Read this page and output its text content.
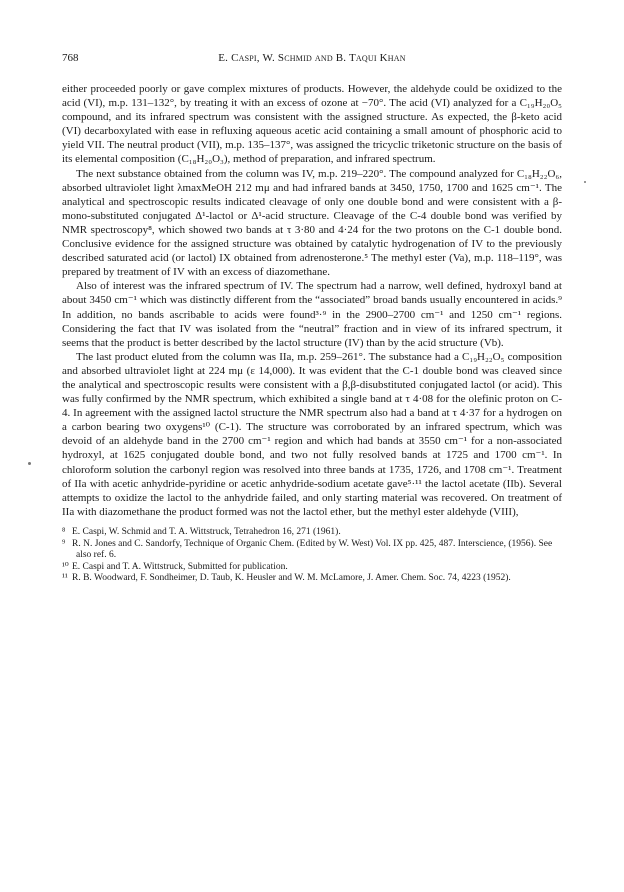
768	E. Caspi, W. Schmid and B. Taqui Khan

either proceeded poorly or gave complex mixtures of products. However, the aldehyde could be oxidized to the acid (VI), m.p. 131–132°, by treating it with an excess of ozone at −70°. The acid (VI) analyzed for a C₁₉H₂₀O₅ compound, and its infrared spectrum was consistent with the assigned structure. As expected, the β-keto acid (VI) decarboxylated with ease in refluxing aqueous acetic acid containing a small amount of phosphoric acid to yield VII. The neutral product (VII), m.p. 135–137°, was assigned the tricyclic triketonic structure on the basis of its elemental composition (C₁₈H₂₀O₃), method of preparation, and infrared spectrum.

The next substance obtained from the column was IV, m.p. 219–220°. The compound analyzed for C₁₈H₂₂O₆, absorbed ultraviolet light λmaxMeOH 212 mμ and had infrared bands at 3450, 1750, 1700 and 1625 cm⁻¹. The analytical and spectroscopic results indicated cleavage of only one double bond and were consistent with a β-mono-substituted conjugated Δ¹-lactol or Δ¹-acid structure. Cleavage of the C-4 double bond was verified by NMR spectroscopy⁸, which showed two bands at τ 3·80 and 4·24 for the two protons on the C-1 double bond. Conclusive evidence for the assigned structure was obtained by catalytic hydrogenation of IV to the previously described saturated acid (or lactol) IX obtained from adrenosterone.⁵ The methyl ester (Va), m.p. 118–119°, was prepared by treatment of IV with an excess of diazomethane.

Also of interest was the infrared spectrum of IV. The spectrum had a narrow, well defined, hydroxyl band at about 3450 cm⁻¹ which was distinctly different from the “associated” broad bands usually encountered in acids.⁹ In addition, no bands ascribable to acids were found³·⁹ in the 2900–2700 cm⁻¹ and 1250 cm⁻¹ regions. Considering the fact that IV was isolated from the “neutral” fraction and in view of its infrared spectrum, it seems that the product is better described by the lactol structure (IV) than by the acid structure (Vb).

The last product eluted from the column was IIa, m.p. 259–261°. The substance had a C₁₉H₂₂O₅ composition and absorbed ultraviolet light at 224 mμ (ε 14,000). It was evident that the C-1 double bond was cleaved since the analytical and spectroscopic results were consistent with a β,β-disubstituted conjugated lactol (or acid). This was fully confirmed by the NMR spectrum, which exhibited a single band at τ 4·08 for the olefinic proton on C-4. In agreement with the assigned lactol structure the NMR spectrum also had a band at τ 4·37 for a hydrogen on a carbon bearing two oxygens¹⁰ (C-1). The structure was corroborated by an infrared spectrum, which was devoid of an aldehyde band in the 2700 cm⁻¹ region and which had bands at 3550 cm⁻¹ for a non-associated hydroxyl, at 1625 conjugated double bond, and two not fully resolved bands at 1725 and 1700 cm⁻¹. In chloroform solution the carbonyl region was resolved into three bands at 1735, 1726, and 1708 cm⁻¹. Treatment of IIa with acetic anhydride-pyridine or acetic anhydride-sodium acetate gave⁵·¹¹ the lactol acetate (IIb). Several attempts to oxidize the lactol to the anhydride failed, and only starting material was recovered. On treatment of IIa with diazomethane the product formed was not the lactol ether, but the methyl ester aldehyde (VIII),

⁸ E. Caspi, W. Schmid and T. A. Wittstruck, Tetrahedron 16, 271 (1961).

⁹ R. N. Jones and C. Sandorfy, Technique of Organic Chem. (Edited by W. West) Vol. IX pp. 425, 487. Interscience, (1956). See also ref. 6.

¹⁰ E. Caspi and T. A. Wittstruck, Submitted for publication.

¹¹ R. B. Woodward, F. Sondheimer, D. Taub, K. Heusler and W. M. McLamore, J. Amer. Chem. Soc. 74, 4223 (1952).
